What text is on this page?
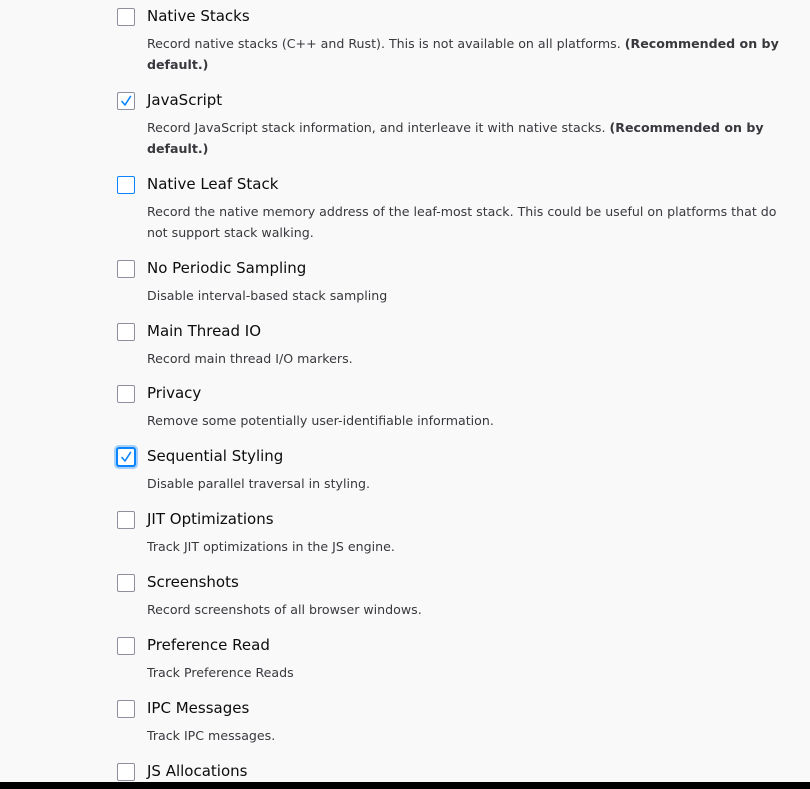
Native Stacks
Record native stacks (C++ and Rust). This is not available on all platforms. (Recommended on by default.)
JavaScript
Record JavaScript stack information, and interleave it with native stacks. (Recommended on by default.)
Native Leaf Stack
Record the native memory address of the leaf-most stack. This could be useful on platforms that do not support stack walking.
No Periodic Sampling
Disable interval-based stack sampling
Main Thread IO
Record main thread I/O markers.
Privacy
Remove some potentially user-identifiable information.
Sequential Styling
Disable parallel traversal in styling.
JIT Optimizations
Track JIT optimizations in the JS engine.
Screenshots
Record screenshots of all browser windows.
Preference Read
Track Preference Reads
IPC Messages
Track IPC messages.
JS Allocations
